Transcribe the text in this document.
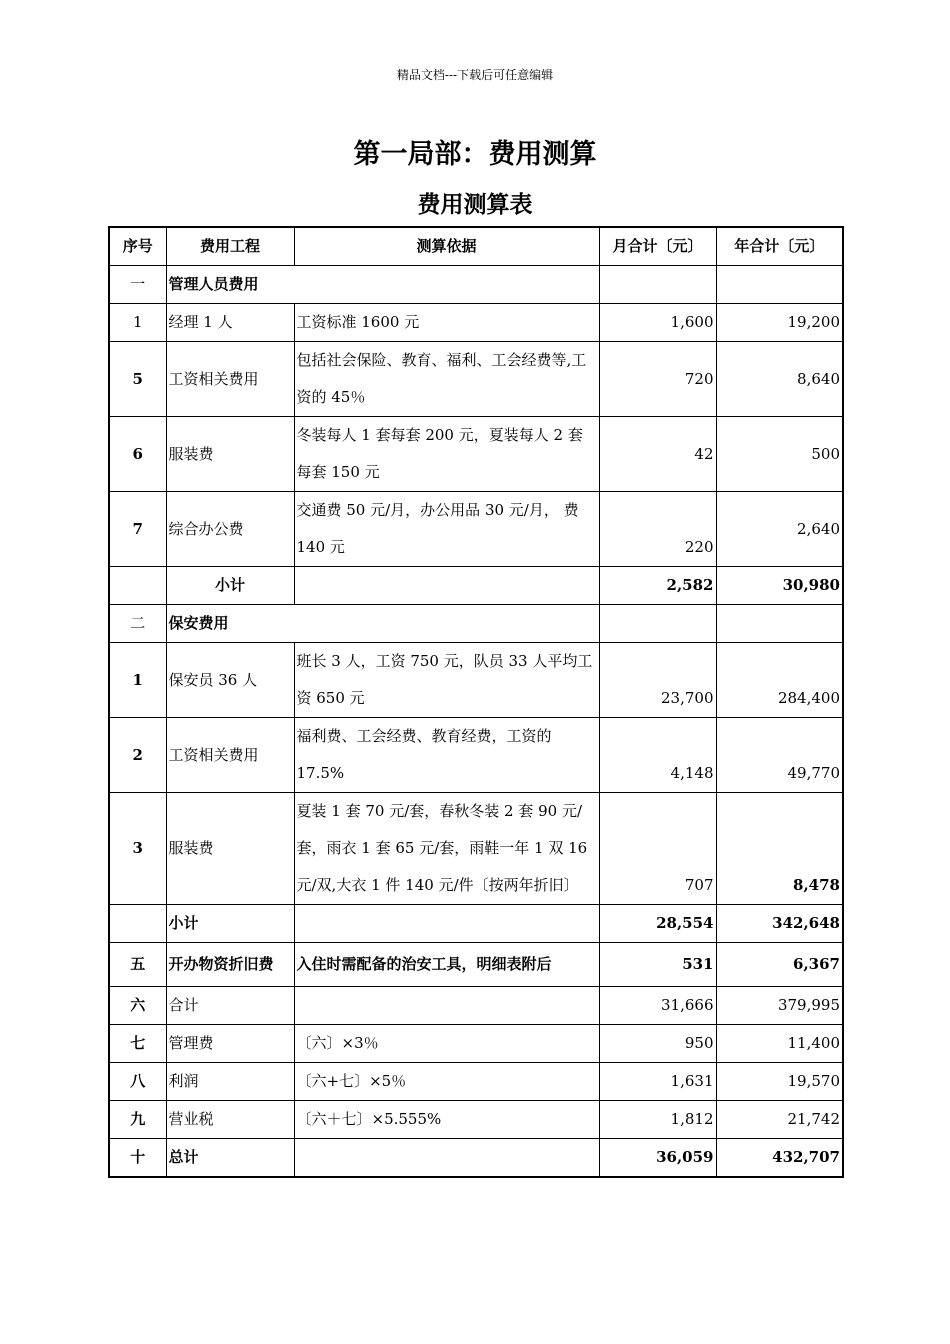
精品文档---下载后可任意编辑
第一局部：费用测算
费用测算表
序号	费用工程	测算依据	月合计〔元〕	年合计〔元〕
一	管理人员费用			
1	经理 1 人	工资标准 1600 元	1,600	19,200
5	工资相关费用	包括社会保险、教育、福利、工会经费等,工资的 45％	720	8,640
6	服装费	冬装每人 1 套每套 200 元，夏装每人 2 套每套 150 元	42	500
7	综合办公费	交通费 50 元/月，办公用品 30 元/月， 费 140 元	220	2,640
	小计		2,582	30,980
二	保安费用			
1	保安员 36 人	班长 3 人，工资 750 元，队员 33 人平均工资 650 元	23,700	284,400
2	工资相关费用	福利费、工会经费、教育经费，工资的 17.5%	4,148	49,770
3	服装费	夏装 1 套 70 元/套，春秋冬装 2 套 90 元/套，雨衣 1 套 65 元/套，雨鞋一年 1 双 16 元/双,大衣 1 件 140 元/件〔按两年折旧〕	707	8,478
	小计		28,554	342,648
五	开办物资折旧费	入住时需配备的治安工具，明细表附后	531	6,367
六	合计		31,666	379,995
七	管理费	〔六〕×3％	950	11,400
八	利润	〔六+七〕×5％	1,631	19,570
九	营业税	〔六＋七〕×5.555%	1,812	21,742
十	总计		36,059	432,707
